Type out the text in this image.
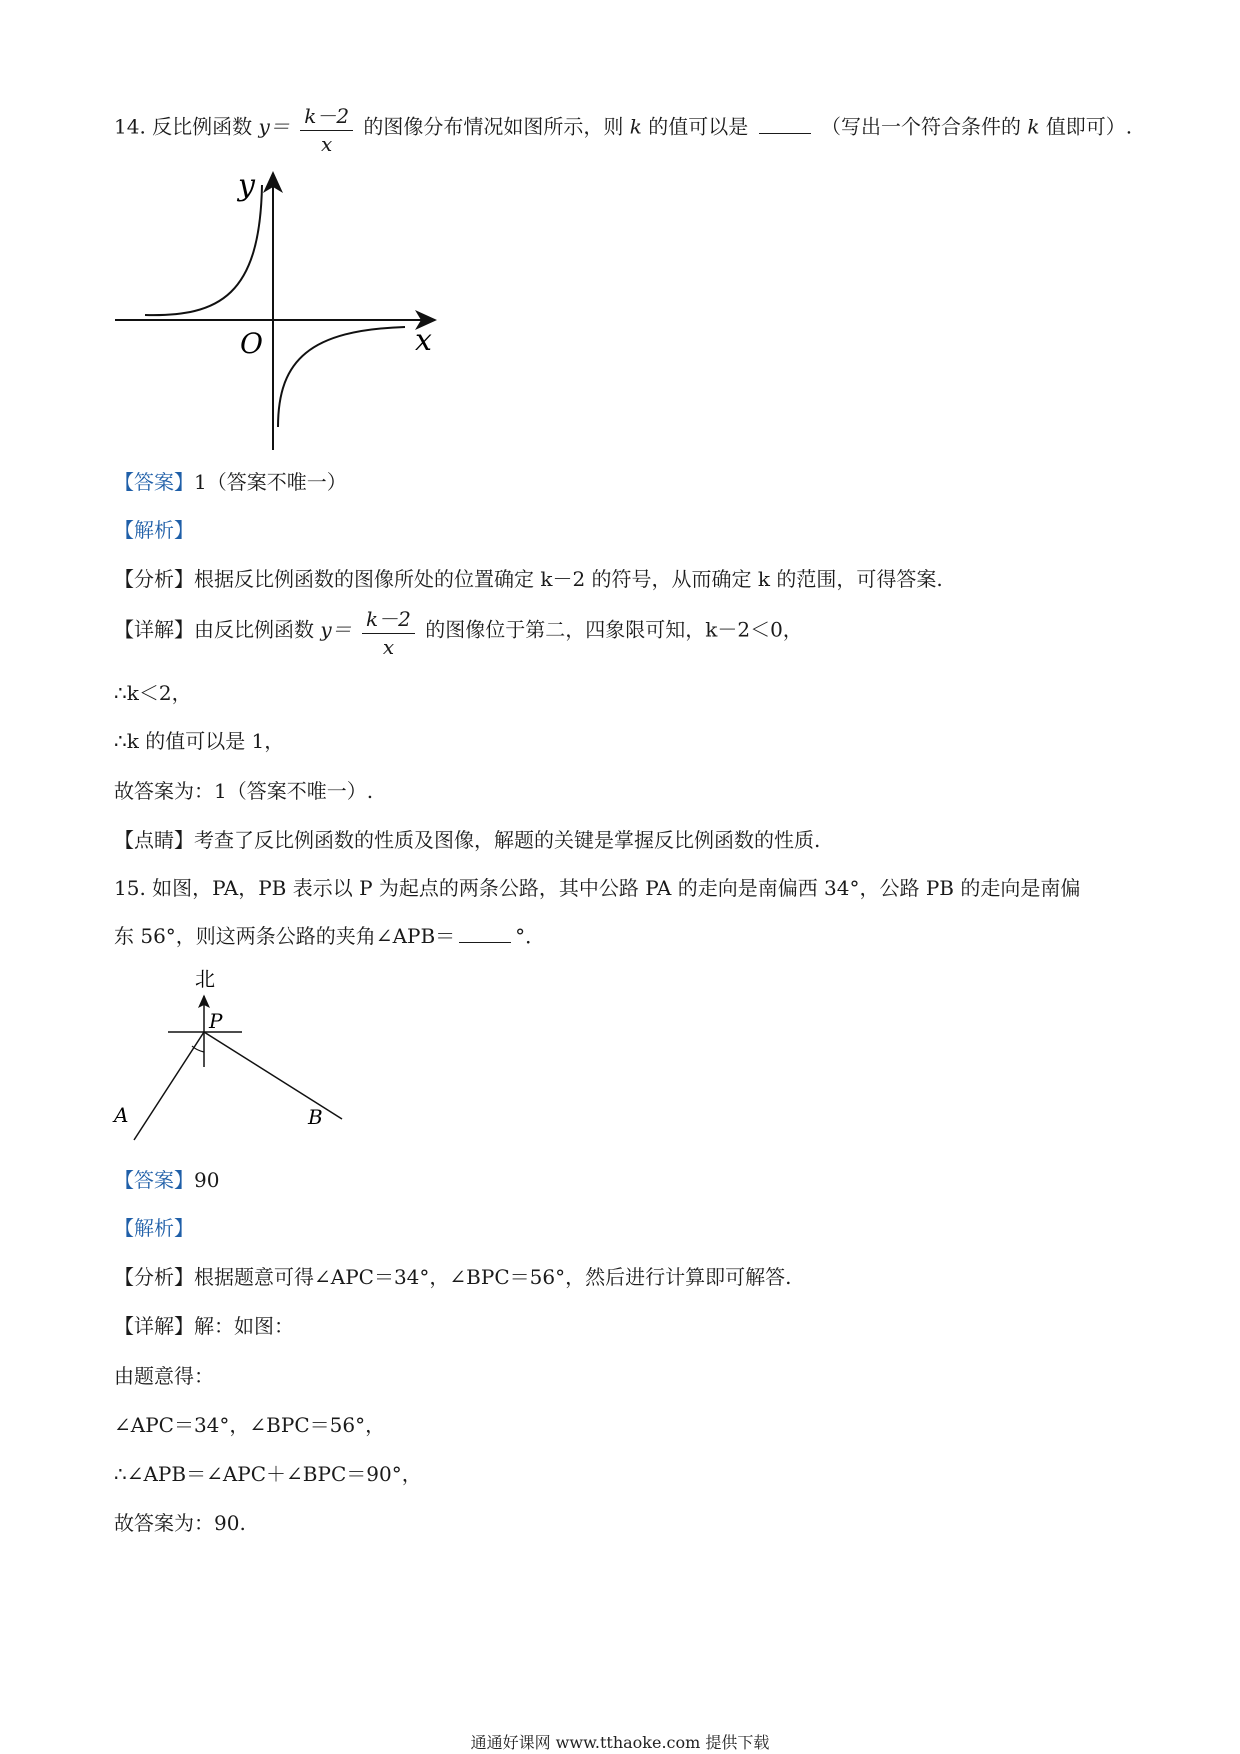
14. 反比例函数 $y= \frac{k-2}{x}$ 的图像分布情况如图所示，则 k 的值可以是	（写出一个符合条件的 k 值即可）.
y
x
O
【答案】1（答案不唯一）
【解析】
【分析】根据反比例函数的图像所处的位置确定 k－2 的符号，从而确定 k 的范围，可得答案.
【详解】由反比例函数 $y= \frac{k-2}{x}$ 的图像位于第二，四象限可知，k－2＜0，
∴k＜2，
∴k 的值可以是 1，
故答案为：1（答案不唯一）.
【点睛】考查了反比例函数的性质及图像，解题的关键是掌握反比例函数的性质.
15. 如图，PA，PB 表示以 P 为起点的两条公路，其中公路 PA 的走向是南偏西 34°，公路 PB 的走向是南偏
东 56°，则这两条公路的夹角∠APB＝	°．
北
P
A	B
【答案】90
【解析】
【分析】根据题意可得∠APC＝34°，∠BPC＝56°，然后进行计算即可解答.
【详解】解：如图：
由题意得：
∠APC＝34°，∠BPC＝56°，
∴∠APB＝∠APC＋∠BPC＝90°，
故答案为：90.
通通好课网 www.tthaoke.com 提供下载
